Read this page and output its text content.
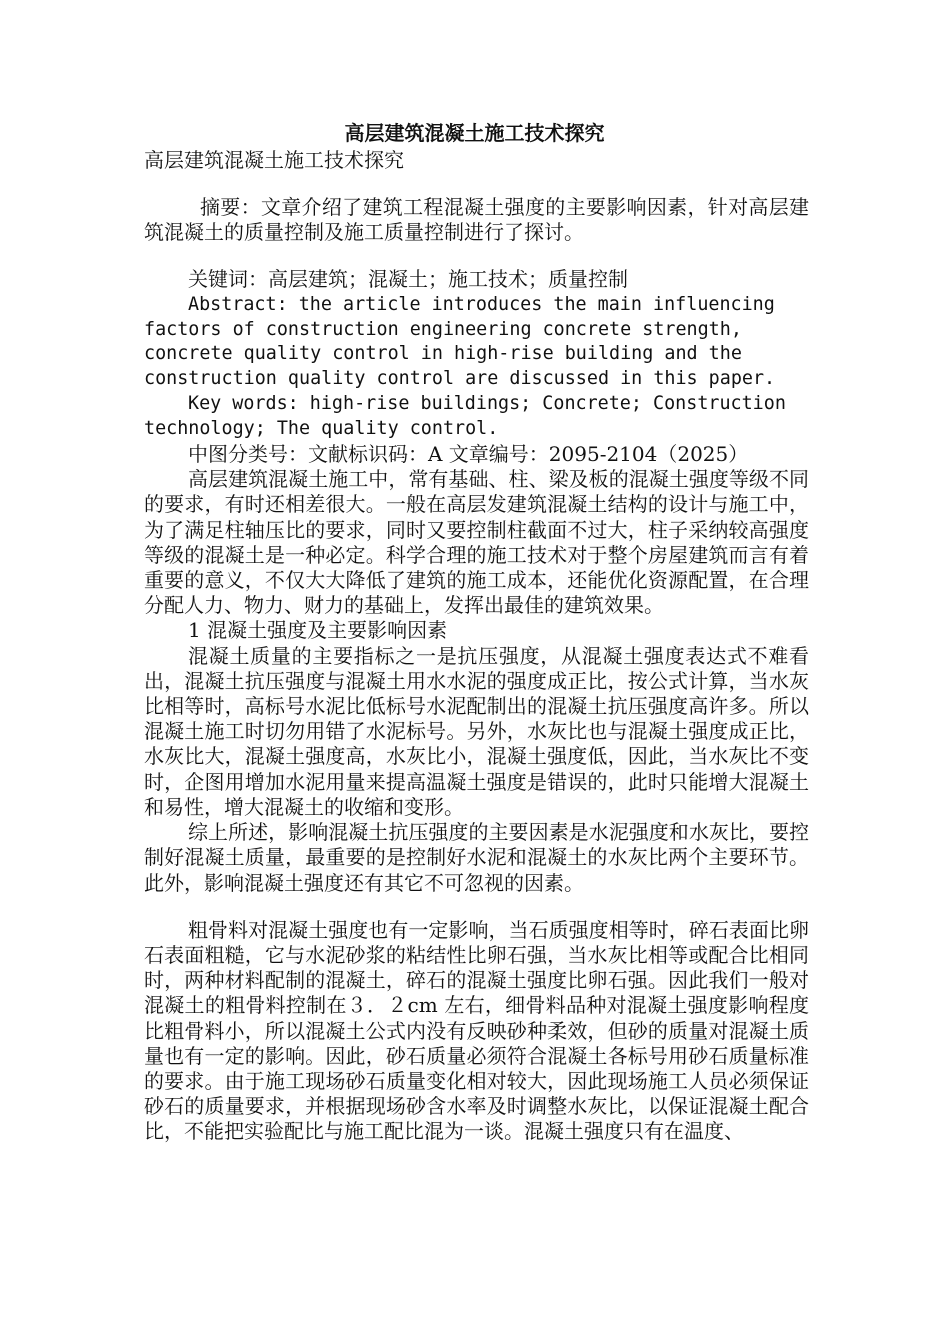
高层建筑混凝土施工技术探究
高层建筑混凝土施工技术探究

摘要：文章介绍了建筑工程混凝土强度的主要影响因素，针对高层建筑混凝土的质量控制及施工质量控制进行了探讨。

关键词：高层建筑；混凝土；施工技术；质量控制

Abstract: the article introduces the main influencing factors of construction engineering concrete strength, concrete quality control in high-rise building and the construction quality control are discussed in this paper.

Key words: high-rise buildings; Concrete; Construction technology; The quality control.

中图分类号：文献标识码：A 文章编号：2095-2104（2025）

高层建筑混凝土施工中，常有基础、柱、梁及板的混凝土强度等级不同的要求，有时还相差很大。一般在高层发建筑混凝土结构的设计与施工中，为了满足柱轴压比的要求，同时又要控制柱截面不过大，柱子采纳较高强度等级的混凝土是一种必定。科学合理的施工技术对于整个房屋建筑而言有着重要的意义，不仅大大降低了建筑的施工成本，还能优化资源配置，在合理分配人力、物力、财力的基础上，发挥出最佳的建筑效果。

1 混凝土强度及主要影响因素

混凝土质量的主要指标之一是抗压强度，从混凝土强度表达式不难看出，混凝土抗压强度与混凝土用水水泥的强度成正比，按公式计算，当水灰比相等时，高标号水泥比低标号水泥配制出的混凝土抗压强度高许多。所以混凝土施工时切勿用错了水泥标号。另外，水灰比也与混凝土强度成正比，水灰比大，混凝土强度高，水灰比小，混凝土强度低，因此，当水灰比不变时，企图用增加水泥用量来提高温凝土强度是错误的，此时只能增大混凝土和易性，增大混凝土的收缩和变形。

综上所述，影响混凝土抗压强度的主要因素是水泥强度和水灰比，要控制好混凝土质量，最重要的是控制好水泥和混凝土的水灰比两个主要环节。此外，影响混凝土强度还有其它不可忽视的因素。

粗骨料对混凝土强度也有一定影响，当石质强度相等时，碎石表面比卵石表面粗糙，它与水泥砂浆的粘结性比卵石强，当水灰比相等或配合比相同时，两种材料配制的混凝土，碎石的混凝土强度比卵石强。因此我们一般对混凝土的粗骨料控制在３．２cm 左右，细骨料品种对混凝土强度影响程度比粗骨料小，所以混凝土公式内没有反映砂种柔效，但砂的质量对混凝土质量也有一定的影响。因此，砂石质量必须符合混凝土各标号用砂石质量标准的要求。由于施工现场砂石质量变化相对较大，因此现场施工人员必须保证砂石的质量要求，并根据现场砂含水率及时调整水灰比，以保证混凝土配合比，不能把实验配比与施工配比混为一谈。混凝土强度只有在温度、
